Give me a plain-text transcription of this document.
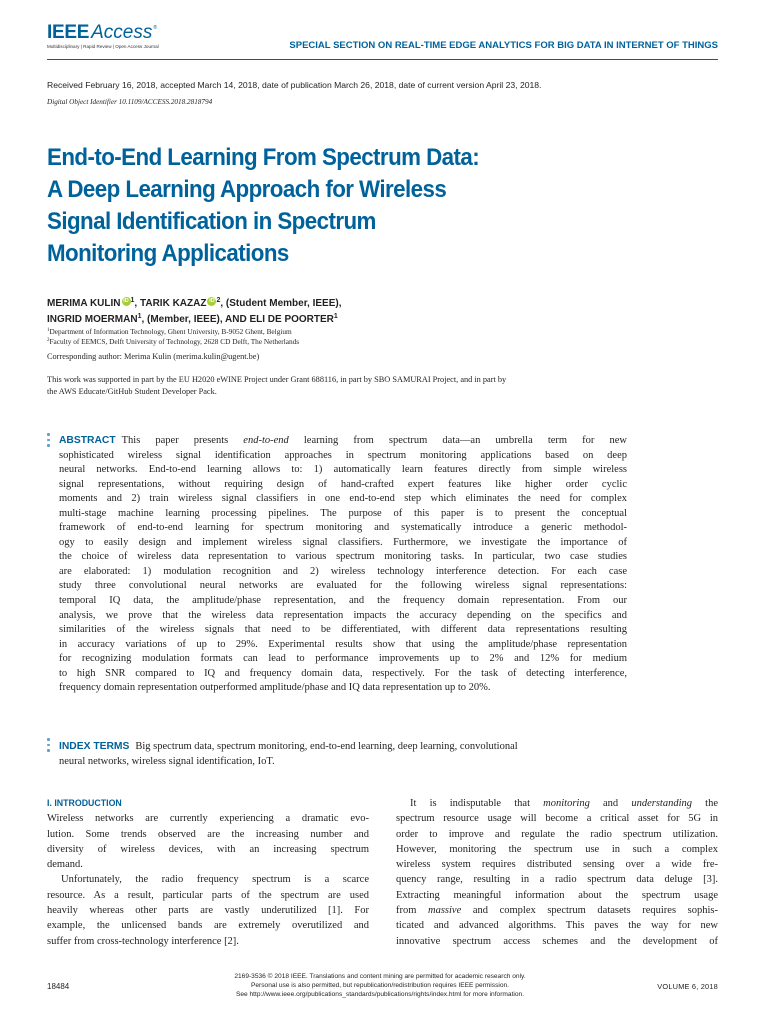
IEEE Access ®
Multidisciplinary | Rapid Review | Open Access Journal	SPECIAL SECTION ON REAL-TIME EDGE ANALYTICS FOR BIG DATA IN INTERNET OF THINGS
Received February 16, 2018, accepted March 14, 2018, date of publication March 26, 2018, date of current version April 23, 2018.
Digital Object Identifier 10.1109/ACCESS.2018.2818794
End-to-End Learning From Spectrum Data:
A Deep Learning Approach for Wireless
Signal Identification in Spectrum
Monitoring Applications
MERIMA KULIN iD $^1$, TARIK KAZAZ iD $^2$, (Student Member, IEEE),
INGRID MOERMAN$^1$, (Member, IEEE), AND ELI DE POORTER$^1$
$^1$Department of Information Technology, Ghent University, B-9052 Ghent, Belgium
$^2$Faculty of EEMCS, Delft University of Technology, 2628 CD Delft, The Netherlands
Corresponding author: Merima Kulin (merima.kulin@ugent.be)
This work was supported in part by the EU H2020 eWINE Project under Grant 688116, in part by SBO SAMURAI Project, and in part by
the AWS Educate/GitHub Student Developer Pack.
ABSTRACT This paper presents end-to-end learning from spectrum data—an umbrella term for new
sophisticated wireless signal identification approaches in spectrum monitoring applications based on deep
neural networks. End-to-end learning allows to: 1) automatically learn features directly from simple wireless
signal representations, without requiring design of hand-crafted expert features like higher order cyclic
moments and 2) train wireless signal classifiers in one end-to-end step which eliminates the need for complex
multi-stage machine learning processing pipelines. The purpose of this paper is to present the conceptual
framework of end-to-end learning for spectrum monitoring and systematically introduce a generic methodol-
ogy to easily design and implement wireless signal classifiers. Furthermore, we investigate the importance of
the choice of wireless data representation to various spectrum monitoring tasks. In particular, two case studies
are elaborated: 1) modulation recognition and 2) wireless technology interference detection. For each case
study three convolutional neural networks are evaluated for the following wireless signal representations:
temporal IQ data, the amplitude/phase representation, and the frequency domain representation. From our
analysis, we prove that the wireless data representation impacts the accuracy depending on the specifics and
similarities of the wireless signals that need to be differentiated, with different data representations resulting
in accuracy variations of up to 29%. Experimental results show that using the amplitude/phase representation
for recognizing modulation formats can lead to performance improvements up to 2% and 12% for medium
to high SNR compared to IQ and frequency domain data, respectively. For the task of detecting interference,
frequency domain representation outperformed amplitude/phase and IQ data representation up to 20%.
INDEX TERMS Big spectrum data, spectrum monitoring, end-to-end learning, deep learning, convolutional
neural networks, wireless signal identification, IoT.
I. INTRODUCTION
Wireless networks are currently experiencing a dramatic evo-
lution. Some trends observed are the increasing number and
diversity of wireless devices, with an increasing spectrum
demand.
Unfortunately, the radio frequency spectrum is a scarce
resource. As a result, particular parts of the spectrum are used
heavily whereas other parts are vastly underutilized [1]. For
example, the unlicensed bands are extremely overutilized and
suffer from cross-technology interference [2].
It is indisputable that monitoring and understanding the
spectrum resource usage will become a critical asset for 5G in
order to improve and regulate the radio spectrum utilization.
However, monitoring the spectrum use in such a complex
wireless system requires distributed sensing over a wide fre-
quency range, resulting in a radio spectrum data deluge [3].
Extracting meaningful information about the spectrum usage
from massive and complex spectrum datasets requires sophis-
ticated and advanced algorithms. This paves the way for new
innovative spectrum access schemes and the development of
18484
2169-3536 © 2018 IEEE. Translations and content mining are permitted for academic research only.
Personal use is also permitted, but republication/redistribution requires IEEE permission.
See http://www.ieee.org/publications_standards/publications/rights/index.html for more information.
VOLUME 6, 2018
